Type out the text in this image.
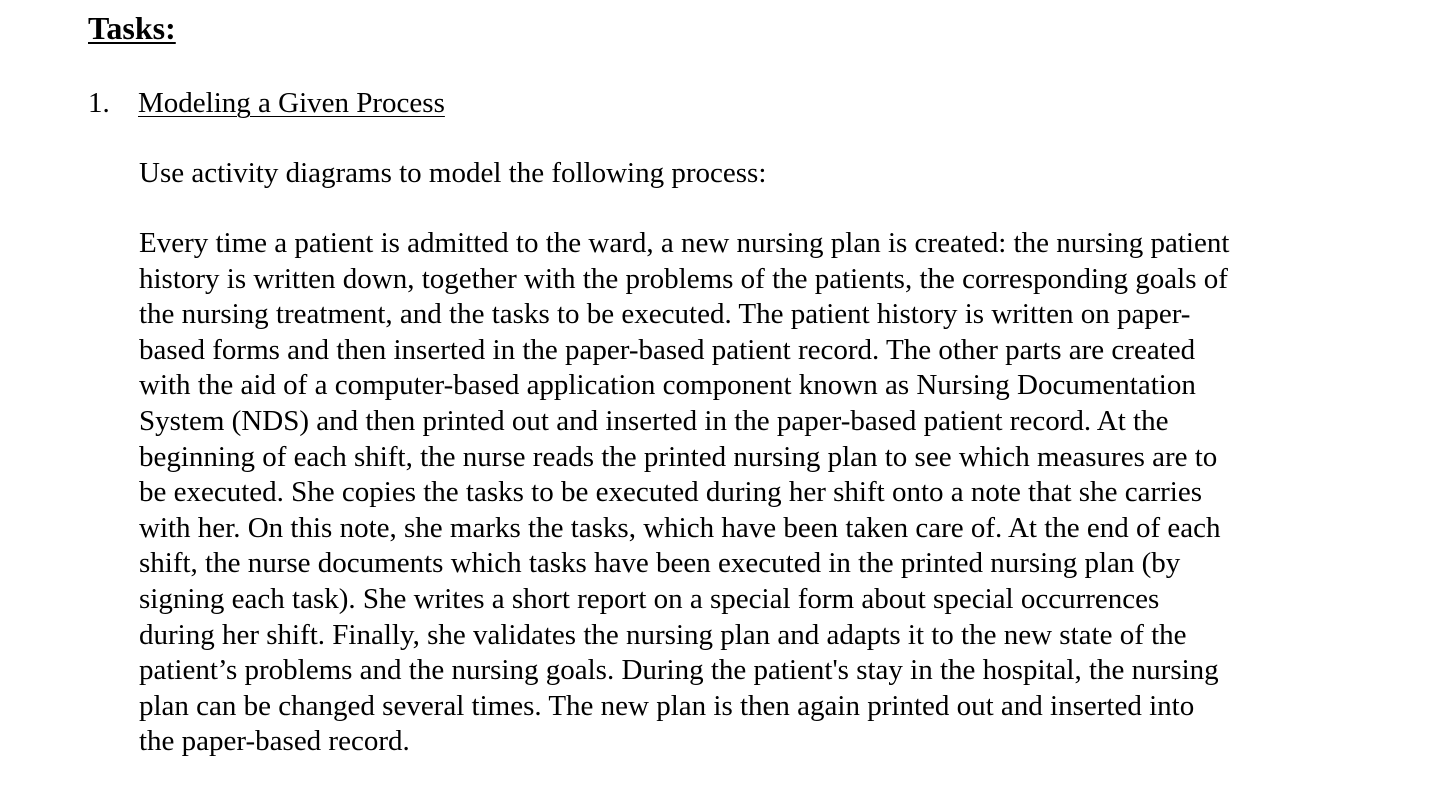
Tasks:
1. Modeling a Given Process
Use activity diagrams to model the following process:
Every time a patient is admitted to the ward, a new nursing plan is created: the nursing patient
history is written down, together with the problems of the patients, the corresponding goals of
the nursing treatment, and the tasks to be executed. The patient history is written on paper-
based forms and then inserted in the paper-based patient record. The other parts are created
with the aid of a computer-based application component known as Nursing Documentation
System (NDS) and then printed out and inserted in the paper-based patient record. At the
beginning of each shift, the nurse reads the printed nursing plan to see which measures are to
be executed. She copies the tasks to be executed during her shift onto a note that she carries
with her. On this note, she marks the tasks, which have been taken care of. At the end of each
shift, the nurse documents which tasks have been executed in the printed nursing plan (by
signing each task). She writes a short report on a special form about special occurrences
during her shift. Finally, she validates the nursing plan and adapts it to the new state of the
patient’s problems and the nursing goals. During the patient's stay in the hospital, the nursing
plan can be changed several times. The new plan is then again printed out and inserted into
the paper-based record.
